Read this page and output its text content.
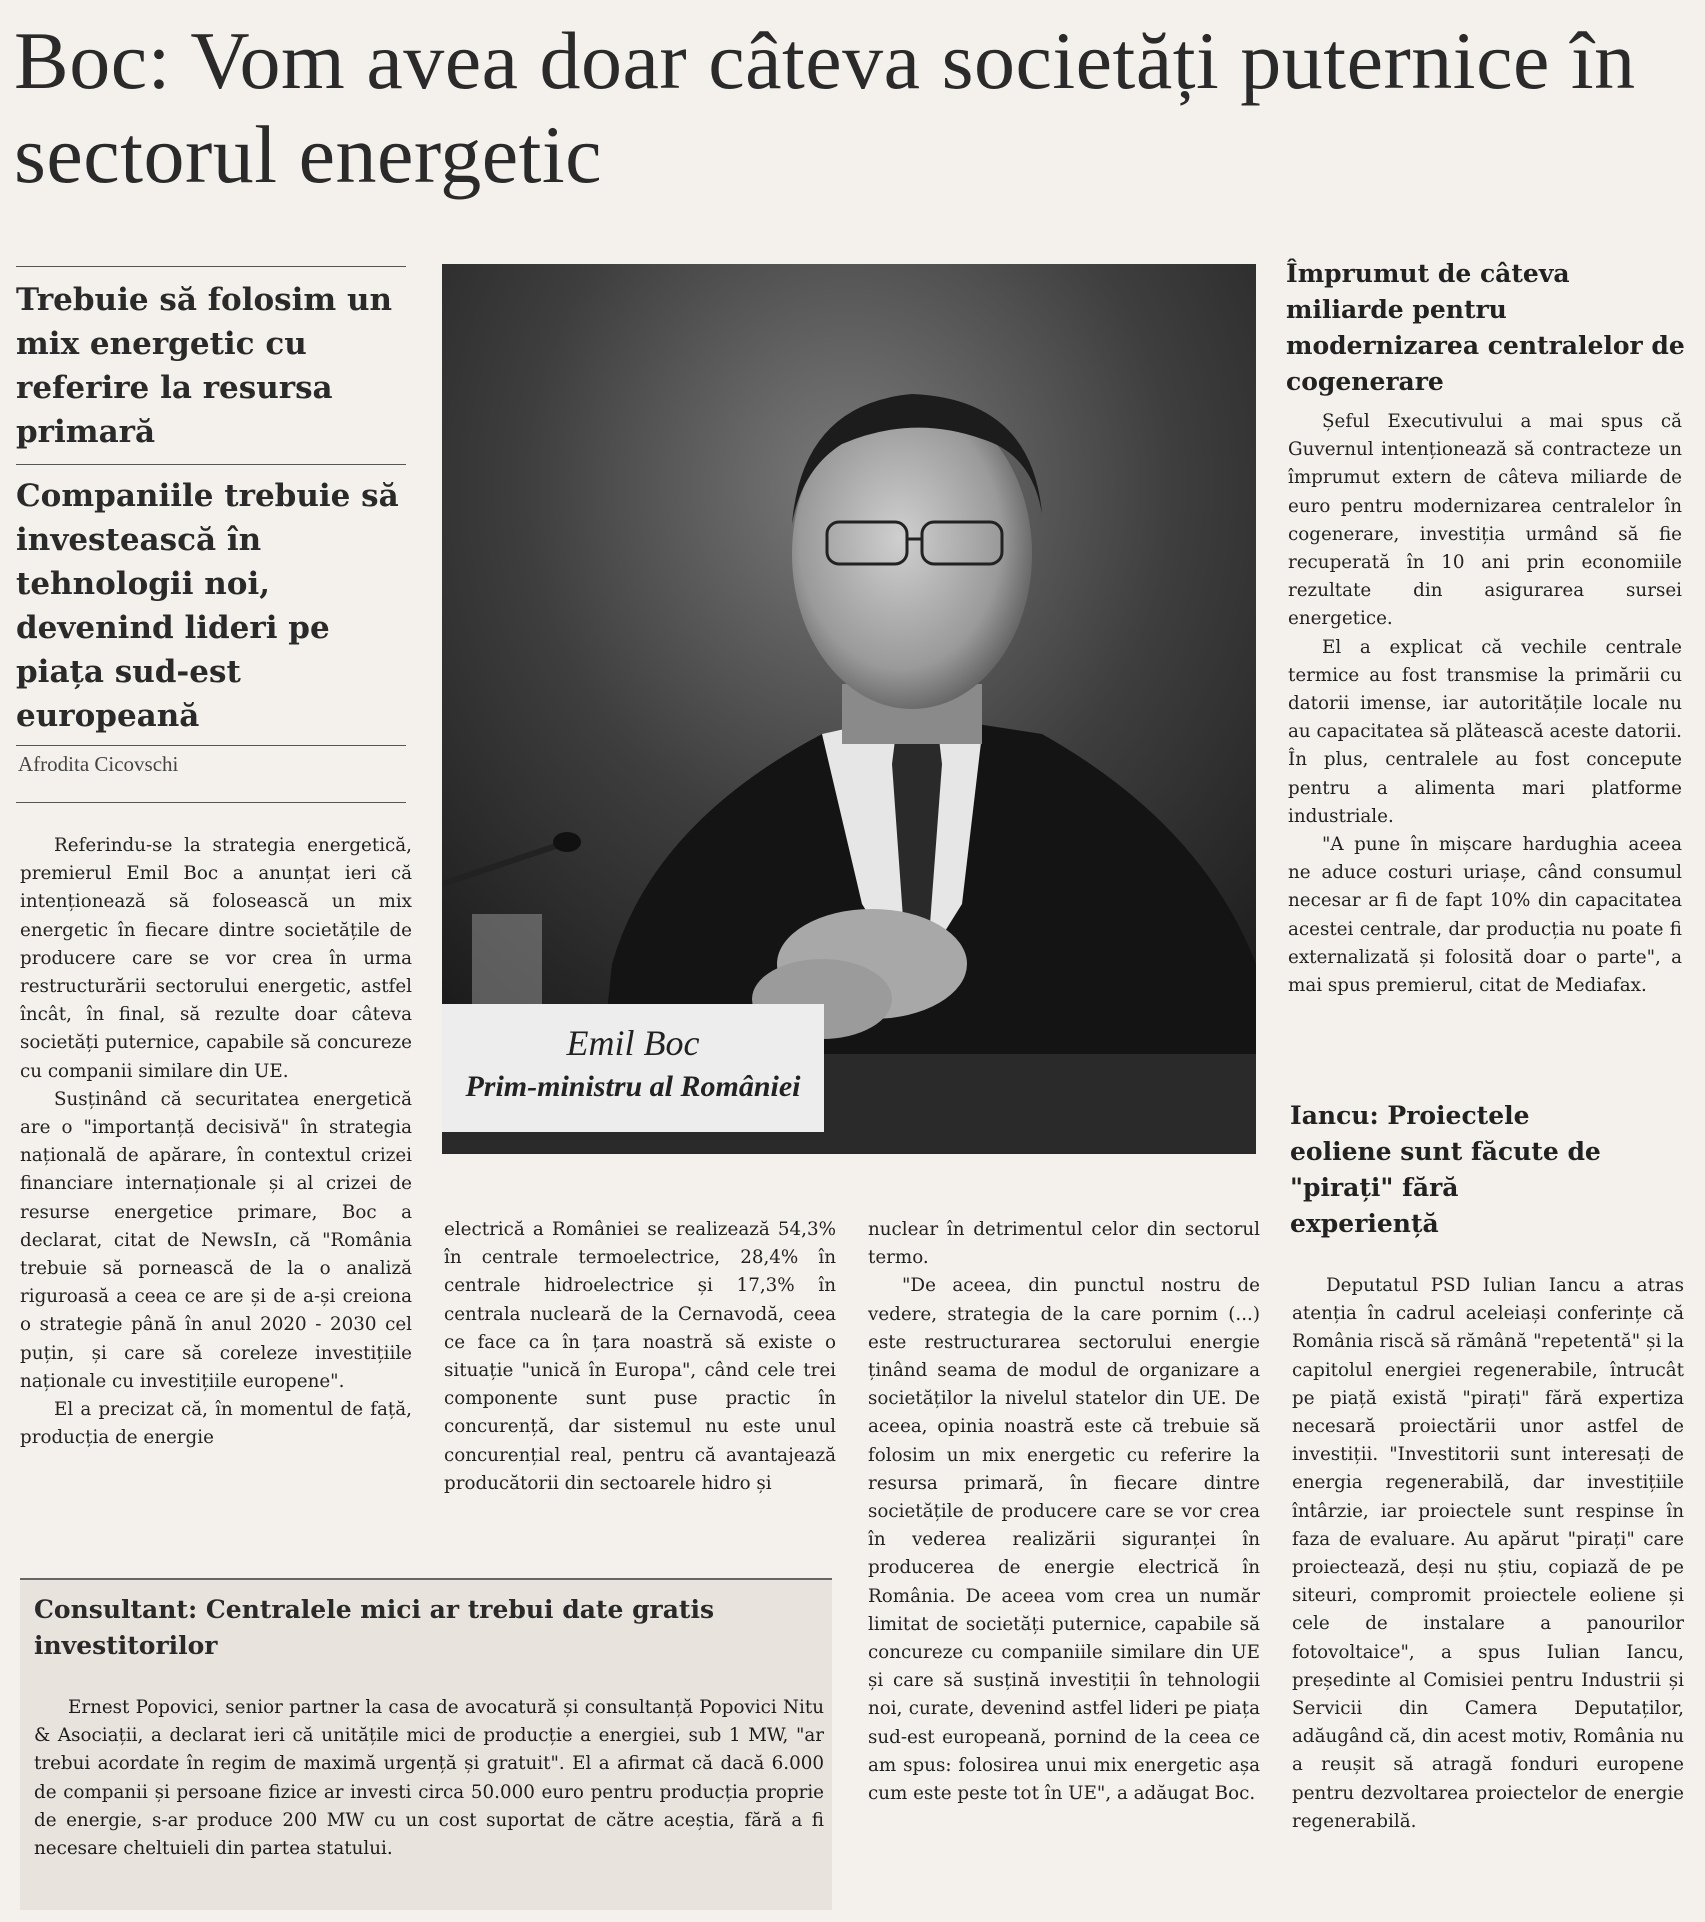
Boc: Vom avea doar câteva societăți puternice în sectorul energetic
Trebuie să folosim un mix energetic cu referire la resursa primară
Companiile trebuie să investească în tehnologii noi, devenind lideri pe piața sud-est europeană
Afrodita Cicovschi
Emil Boc
Prim-ministru al României

Referindu-se la strategia energetică, premierul Emil Boc a anunțat ieri că intenționează să folosească un mix energetic în fiecare dintre societățile de producere care se vor crea în urma restructurării sectorului energetic, astfel încât, în final, să rezulte doar câteva societăți puternice, capabile să concureze cu companii similare din UE.

Susținând că securitatea energetică are o "importanță decisivă" în strategia națională de apărare, în contextul crizei financiare internaționale și al crizei de resurse energetice primare, Boc a declarat, citat de NewsIn, că "România trebuie să pornească de la o analiză riguroasă a ceea ce are și de a-și creiona o strategie până în anul 2020 - 2030 cel puțin, și care să coreleze investițiile naționale cu investițiile europene".

El a precizat că, în momentul de față, producția de energie

electrică a României se realizează 54,3% în centrale termoelectrice, 28,4% în centrale hidroelectrice și 17,3% în centrala nucleară de la Cernavodă, ceea ce face ca în țara noastră să existe o situație "unică în Europa", când cele trei componente sunt puse practic în concurență, dar sistemul nu este unul concurențial real, pentru că avantajează producătorii din sectoarele hidro și

nuclear în detrimentul celor din sectorul termo.

"De aceea, din punctul nostru de vedere, strategia de la care pornim (...) este restructurarea sectorului energie ținând seama de modul de organizare a societăților la nivelul statelor din UE. De aceea, opinia noastră este că trebuie să folosim un mix energetic cu referire la resursa primară, în fiecare dintre societățile de producere care se vor crea în vederea realizării siguranței în producerea de energie electrică în România. De aceea vom crea un număr limitat de societăți puternice, capabile să concureze cu companiile similare din UE și care să susțină investiții în tehnologii noi, curate, devenind astfel lideri pe piața sud-est europeană, pornind de la ceea ce am spus: folosirea unui mix energetic așa cum este peste tot în UE", a adăugat Boc.

Împrumut de câteva miliarde pentru modernizarea centralelor de cogenerare

Șeful Executivului a mai spus că Guvernul intenționează să contracteze un împrumut extern de câteva miliarde de euro pentru modernizarea centralelor în cogenerare, investiția urmând să fie recuperată în 10 ani prin economiile rezultate din asigurarea sursei energetice.

El a explicat că vechile centrale termice au fost transmise la primării cu datorii imense, iar autoritățile locale nu au capacitatea să plătească aceste datorii. În plus, centralele au fost concepute pentru a alimenta mari platforme industriale.

"A pune în mișcare hardughia aceea ne aduce costuri uriașe, când consumul necesar ar fi de fapt 10% din capacitatea acestei centrale, dar producția nu poate fi externalizată și folosită doar o parte", a mai spus premierul, citat de Mediafax.

Iancu: Proiectele eoliene sunt făcute de "pirați" fără experiență

Deputatul PSD Iulian Iancu a atras atenția în cadrul aceleiași conferințe că România riscă să rămână "repetentă" și la capitolul energiei regenerabile, întrucât pe piață există "pirați" fără expertiza necesară proiectării unor astfel de investiții. "Investitorii sunt interesați de energia regenerabilă, dar investițiile întârzie, iar proiectele sunt respinse în faza de evaluare. Au apărut "pirați" care proiectează, deși nu știu, copiază de pe siteuri, compromit proiectele eoliene și cele de instalare a panourilor fotovoltaice", a spus Iulian Iancu, președinte al Comisiei pentru Industrii și Servicii din Camera Deputaților, adăugând că, din acest motiv, România nu a reușit să atragă fonduri europene pentru dezvoltarea proiectelor de energie regenerabilă.

Consultant: Centralele mici ar trebui date gratis investitorilor

Ernest Popovici, senior partner la casa de avocatură și consultanță Popovici Nitu & Asociații, a declarat ieri că unitățile mici de producție a energiei, sub 1 MW, "ar trebui acordate în regim de maximă urgență și gratuit". El a afirmat că dacă 6.000 de companii și persoane fizice ar investi circa 50.000 euro pentru producția proprie de energie, s-ar produce 200 MW cu un cost suportat de către aceștia, fără a fi necesare cheltuieli din partea statului.
